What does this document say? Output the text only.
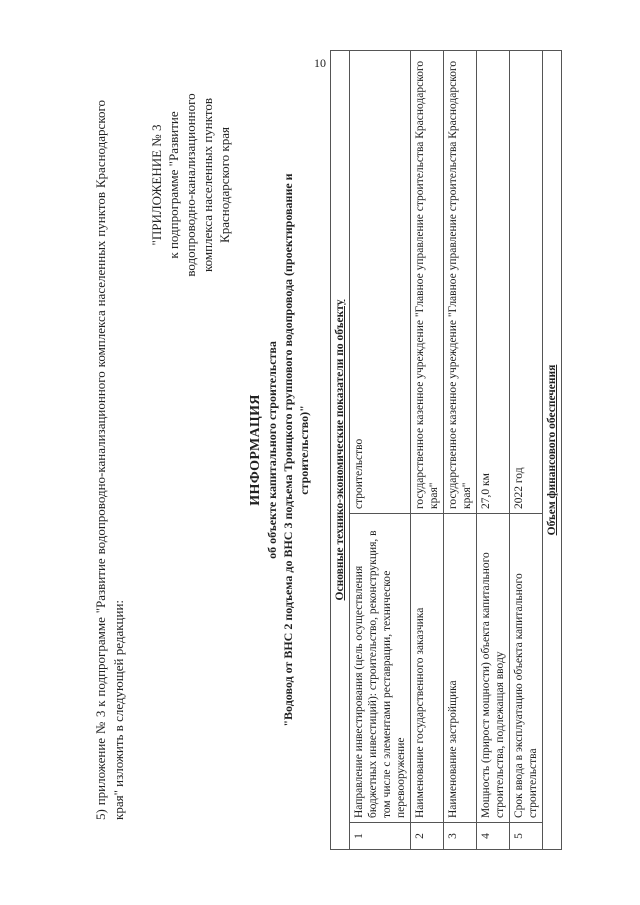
10
5) приложение № 3 к подпрограмме "Развитие водопроводно-канализационного комплекса населенных пунктов Краснодарского края" изложить в следующей редакции:
"ПРИЛОЖЕНИЕ № 3 к подпрограмме "Развитие водопроводно-канализационного комплекса населенных пунктов Краснодарского края
ИНФОРМАЦИЯ об объекте капитального строительства "Водовод от ВНС 2 подъема до ВНС 3 подъема Троицкого группового водопровода (проектирование и строительство)" Основные технико-экономические показатели по объекту		
1	Направление инвестирования (цель осуществления бюджетных инвестиций): строительство, реконструкция, в том числе с элементами реставрации, техническое перевооружение	строительство
2	Наименование государственного заказчика	государственное казенное учреждение "Главное управление строительства Краснодарского края"
3	Наименование застройщика	государственное казенное учреждение "Главное управление строительства Краснодарского края"
4	Мощность (прирост мощности) объекта капитального строительства, подлежащая вводу	27,0 км
5	Срок ввода в эксплуатацию объекта капитального строительства	2022 год
Объем финансового обеспечения		
